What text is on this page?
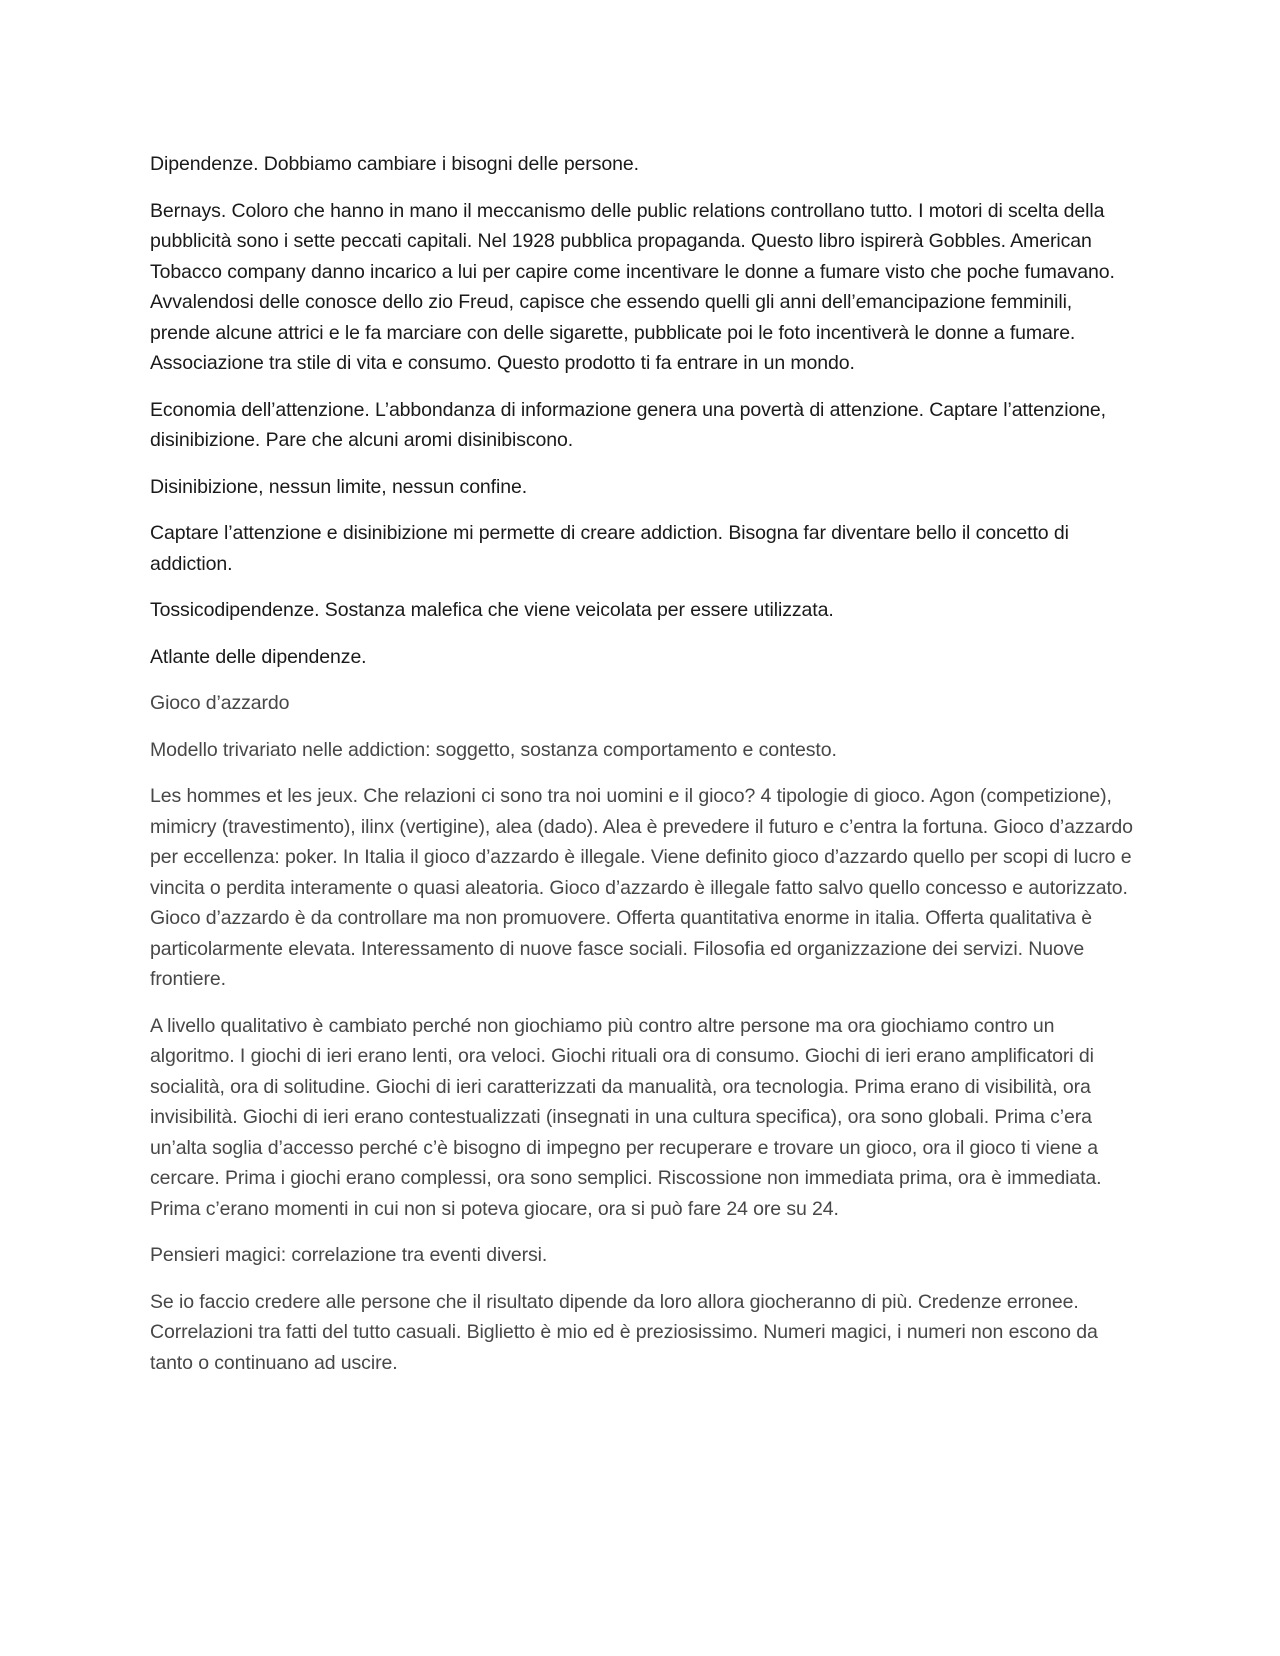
Dipendenze. Dobbiamo cambiare i bisogni delle persone.

Bernays. Coloro che hanno in mano il meccanismo delle public relations controllano tutto. I motori di scelta della pubblicità sono i sette peccati capitali. Nel 1928 pubblica propaganda. Questo libro ispirerà Gobbles. American Tobacco company danno incarico a lui per capire come incentivare le donne a fumare visto che poche fumavano. Avvalendosi delle conosce dello zio Freud, capisce che essendo quelli gli anni dell’emancipazione femminili, prende alcune attrici e le fa marciare con delle sigarette, pubblicate poi le foto incentiverà le donne a fumare. Associazione tra stile di vita e consumo. Questo prodotto ti fa entrare in un mondo.

Economia dell’attenzione. L’abbondanza di informazione genera una povertà di attenzione. Captare l’attenzione, disinibizione. Pare che alcuni aromi disinibiscono.

Disinibizione, nessun limite, nessun confine.

Captare l’attenzione e disinibizione mi permette di creare addiction. Bisogna far diventare bello il concetto di addiction.

Tossicodipendenze. Sostanza malefica che viene veicolata per essere utilizzata.

Atlante delle dipendenze.

Gioco d’azzardo

Modello trivariato nelle addiction: soggetto, sostanza comportamento e contesto.

Les hommes et les jeux. Che relazioni ci sono tra noi uomini e il gioco? 4 tipologie di gioco. Agon (competizione), mimicry (travestimento), ilinx (vertigine), alea (dado). Alea è prevedere il futuro e c’entra la fortuna. Gioco d’azzardo per eccellenza: poker. In Italia il gioco d’azzardo è illegale. Viene definito gioco d’azzardo quello per scopi di lucro e vincita o perdita interamente o quasi aleatoria. Gioco d’azzardo è illegale fatto salvo quello concesso e autorizzato. Gioco d’azzardo è da controllare ma non promuovere. Offerta quantitativa enorme in italia. Offerta qualitativa è particolarmente elevata. Interessamento di nuove fasce sociali. Filosofia ed organizzazione dei servizi. Nuove frontiere.

A livello qualitativo è cambiato perché non giochiamo più contro altre persone ma ora giochiamo contro un algoritmo. I giochi di ieri erano lenti, ora veloci. Giochi rituali ora di consumo. Giochi di ieri erano amplificatori di socialità, ora di solitudine. Giochi di ieri caratterizzati da manualità, ora tecnologia. Prima erano di visibilità, ora invisibilità. Giochi di ieri erano contestualizzati (insegnati in una cultura specifica), ora sono globali. Prima c’era un’alta soglia d’accesso perché c’è bisogno di impegno per recuperare e trovare un gioco, ora il gioco ti viene a cercare. Prima i giochi erano complessi, ora sono semplici. Riscossione non immediata prima, ora è immediata. Prima c’erano momenti in cui non si poteva giocare, ora si può fare 24 ore su 24.

Pensieri magici: correlazione tra eventi diversi.

Se io faccio credere alle persone che il risultato dipende da loro allora giocheranno di più. Credenze erronee. Correlazioni tra fatti del tutto casuali. Biglietto è mio ed è preziosissimo. Numeri magici, i numeri non escono da tanto o continuano ad uscire.
